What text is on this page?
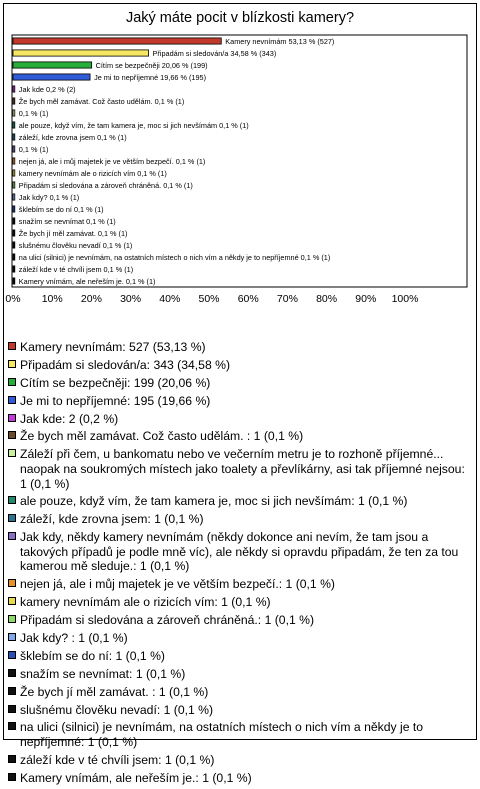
Jaký máte pocit v blízkosti kamery?
Kamery nevnímám 53,13 % (527)
Připadám si sledován/a 34,58 % (343)
Cítím se bezpečněji 20,06 % (199)
Je mi to nepříjemné 19,66 % (195)
Jak kde 0,2 % (2)
Že bych měl zamávat. Což často udělám. 0,1 % (1)
0,1 % (1)
ale pouze, když vím, že tam kamera je, moc si jich nevšímám 0,1 % (1)
záleží, kde zrovna jsem 0,1 % (1)
0,1 % (1)
nejen já, ale i můj majetek je ve větším bezpečí. 0,1 % (1)
kamery nevnímám ale o rizicích vím 0,1 % (1)
Připadám si sledována a zároveň chráněná. 0,1 % (1)
Jak kdy? 0,1 % (1)
šklebím se do ní 0,1 % (1)
snažím se nevnímat 0,1 % (1)
Že bych jí měl zamávat. 0,1 % (1)
slušnému člověku nevadí 0,1 % (1)
na ulici (silnici) je nevnímám, na ostatních místech o nich vím a někdy je to nepříjemné 0,1 % (1)
záleží kde v té chvíli jsem 0,1 % (1)
Kamery vnímám, ale neřeším je. 0,1 % (1)
0% 10% 20% 30% 40% 50% 60% 70% 80% 90% 100%
Kamery nevnímám: 527 (53,13 %)
Připadám si sledován/a: 343 (34,58 %)
Cítím se bezpečněji: 199 (20,06 %)
Je mi to nepříjemné: 195 (19,66 %)
Jak kde: 2 (0,2 %)
Že bych měl zamávat. Což často udělám. : 1 (0,1 %)
Záleží při čem, u bankomatu nebo ve večerním metru je to rozhoně příjemné... naopak na soukromých místech jako toalety a převlíkárny, asi tak příjemné nejsou: 1 (0,1 %)
ale pouze, když vím, že tam kamera je, moc si jich nevšímám: 1 (0,1 %)
záleží, kde zrovna jsem: 1 (0,1 %)
Jak kdy, někdy kamery nevnímám (někdy dokonce ani nevím, že tam jsou a takových případů je podle mně víc), ale někdy si opravdu připadám, že ten za tou kamerou mě sleduje.: 1 (0,1 %)
nejen já, ale i můj majetek je ve větším bezpečí.: 1 (0,1 %)
kamery nevnímám ale o rizicích vím: 1 (0,1 %)
Připadám si sledována a zároveň chráněná.: 1 (0,1 %)
Jak kdy? : 1 (0,1 %)
šklebím se do ní: 1 (0,1 %)
snažím se nevnímat: 1 (0,1 %)
Že bych jí měl zamávat. : 1 (0,1 %)
slušnému člověku nevadí: 1 (0,1 %)
na ulici (silnici) je nevnímám, na ostatních místech o nich vím a někdy je to nepříjemné: 1 (0,1 %)
záleží kde v té chvíli jsem: 1 (0,1 %)
Kamery vnímám, ale neřeším je.: 1 (0,1 %)
